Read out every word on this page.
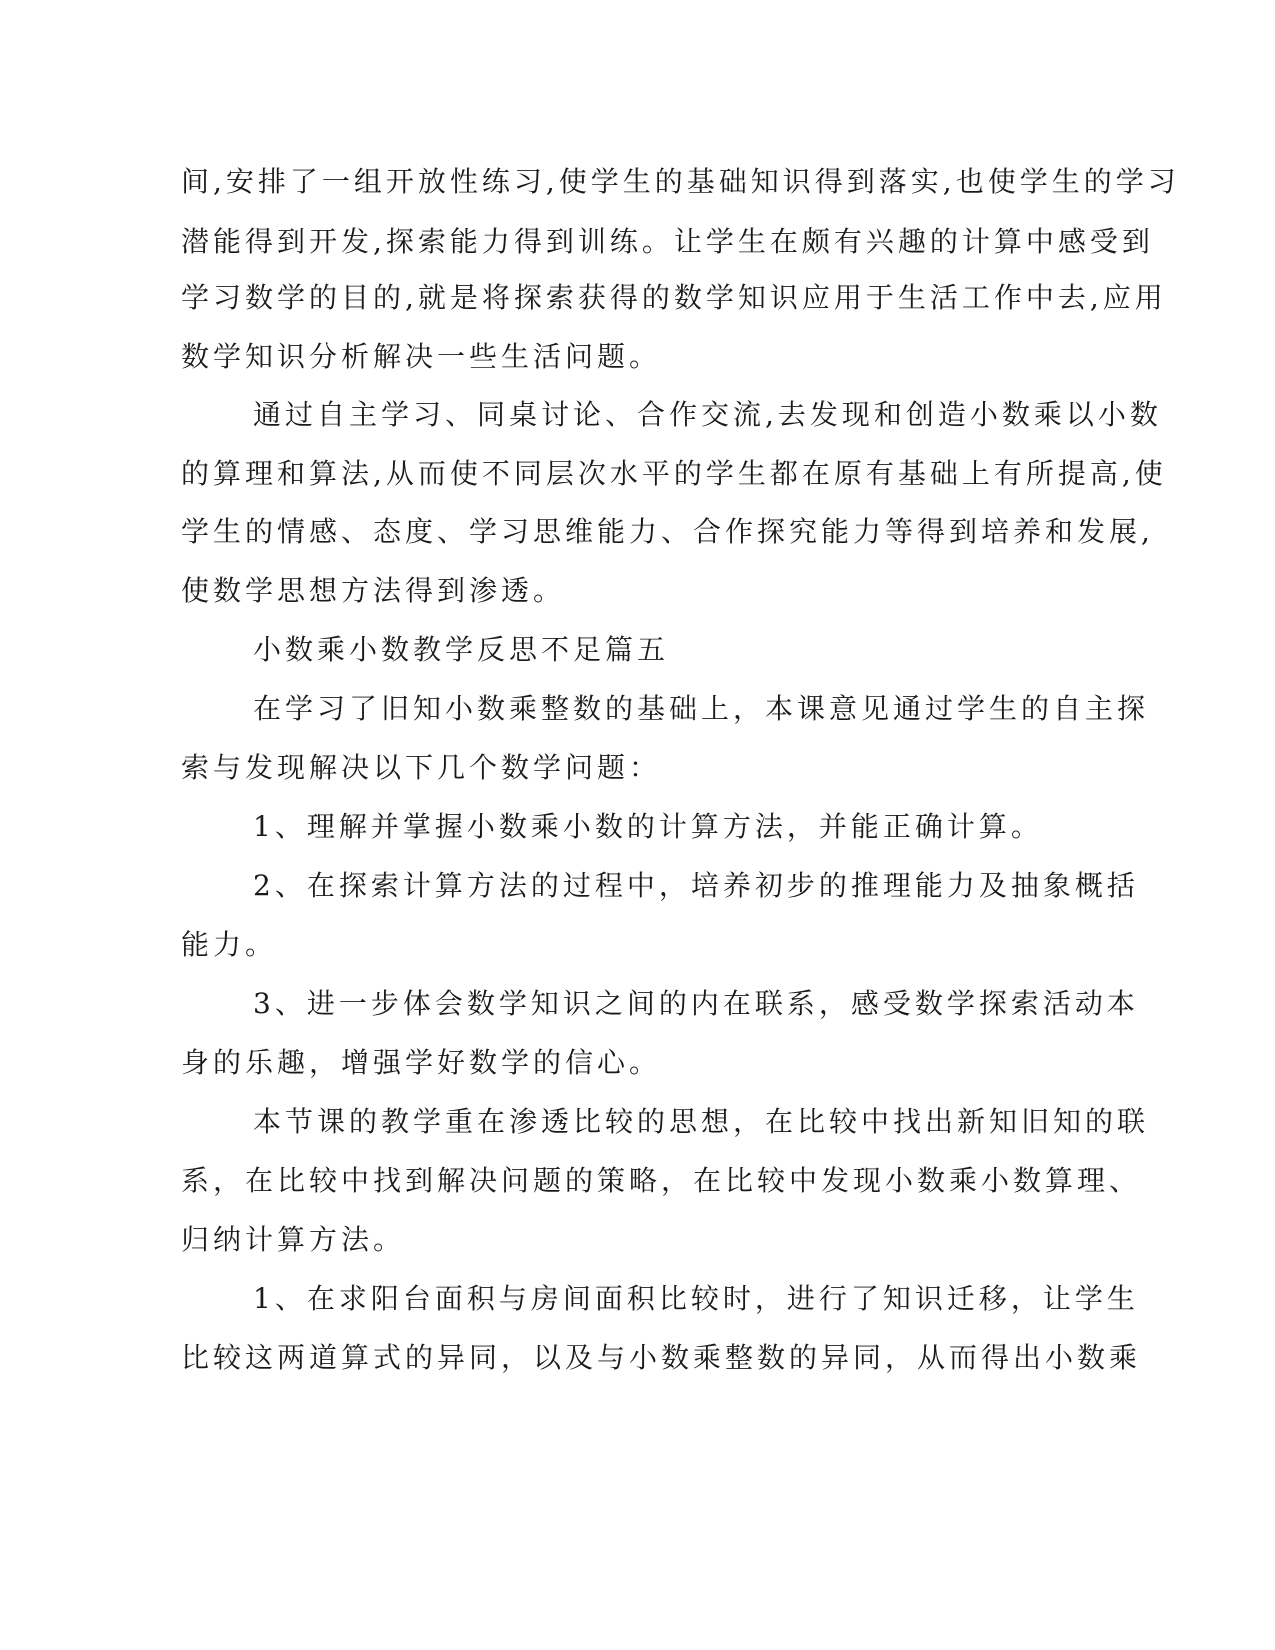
间,安排了一组开放性练习,使学生的基础知识得到落实,也使学生的学习
潜能得到开发,探索能力得到训练。让学生在颇有兴趣的计算中感受到
学习数学的目的,就是将探索获得的数学知识应用于生活工作中去,应用
数学知识分析解决一些生活问题。
通过自主学习、同桌讨论、合作交流,去发现和创造小数乘以小数
的算理和算法,从而使不同层次水平的学生都在原有基础上有所提高,使
学生的情感、态度、学习思维能力、合作探究能力等得到培养和发展,
使数学思想方法得到渗透。
小数乘小数教学反思不足篇五
在学习了旧知小数乘整数的基础上，本课意见通过学生的自主探
索与发现解决以下几个数学问题：
1、理解并掌握小数乘小数的计算方法，并能正确计算。
2、在探索计算方法的过程中，培养初步的推理能力及抽象概括
能力。
3、进一步体会数学知识之间的内在联系，感受数学探索活动本
身的乐趣，增强学好数学的信心。
本节课的教学重在渗透比较的思想，在比较中找出新知旧知的联
系，在比较中找到解决问题的策略，在比较中发现小数乘小数算理、
归纳计算方法。
1、在求阳台面积与房间面积比较时，进行了知识迁移，让学生
比较这两道算式的异同，以及与小数乘整数的异同，从而得出小数乘
